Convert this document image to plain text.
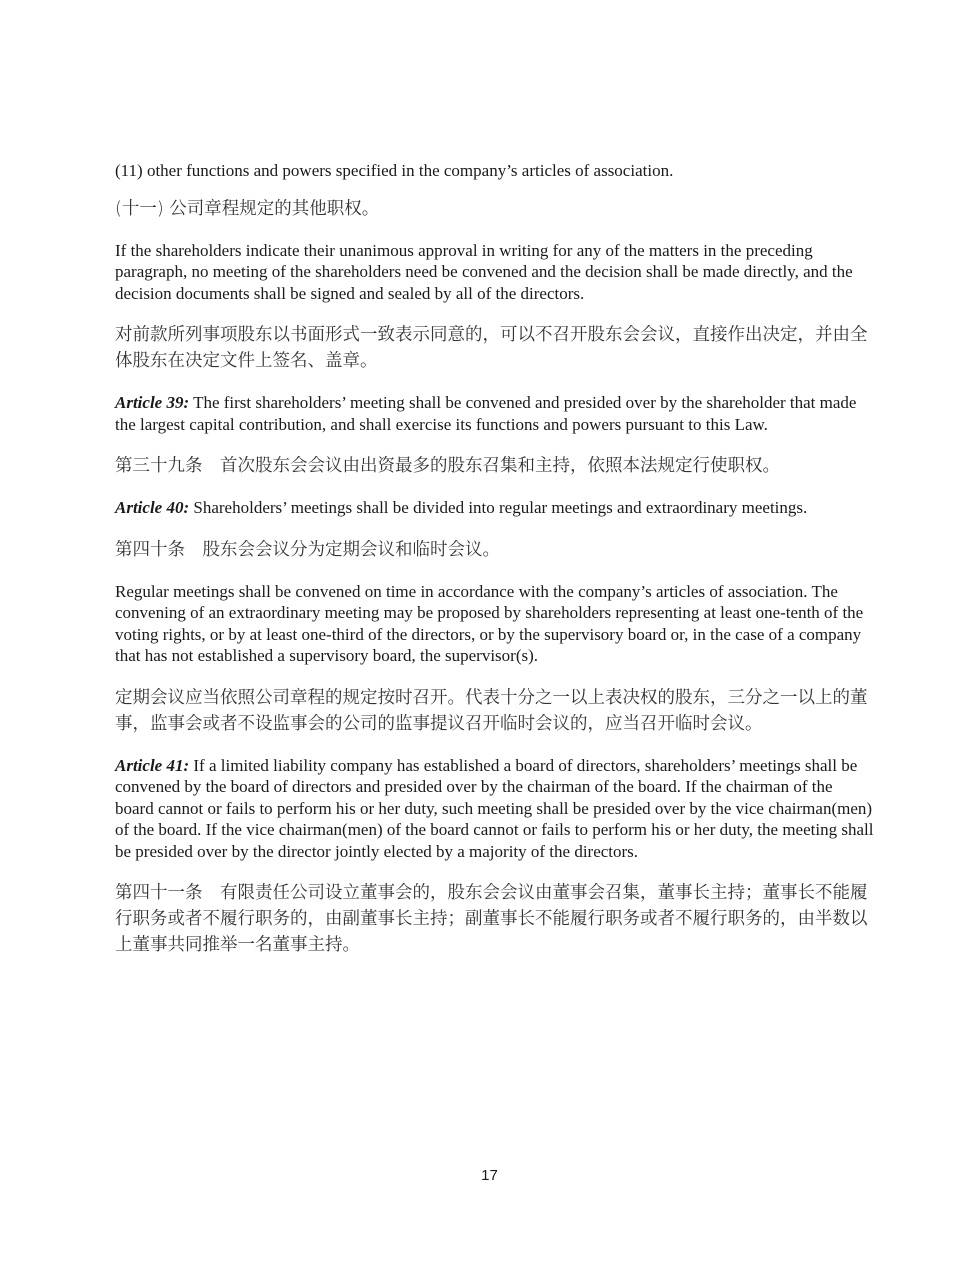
(11) other functions and powers specified in the company’s articles of association.

(十一) 公司章程规定的其他职权。

If the shareholders indicate their unanimous approval in writing for any of the matters in the preceding paragraph, no meeting of the shareholders need be convened and the decision shall be made directly, and the decision documents shall be signed and sealed by all of the directors.

对前款所列事项股东以书面形式一致表示同意的，可以不召开股东会会议，直接作出决定，并由全体股东在决定文件上签名、盖章。

Article 39: The first shareholders’ meeting shall be convened and presided over by the shareholder that made the largest capital contribution, and shall exercise its functions and powers pursuant to this Law.

第三十九条　首次股东会会议由出资最多的股东召集和主持，依照本法规定行使职权。

Article 40: Shareholders’ meetings shall be divided into regular meetings and extraordinary meetings.

第四十条　股东会会议分为定期会议和临时会议。

Regular meetings shall be convened on time in accordance with the company’s articles of association. The convening of an extraordinary meeting may be proposed by shareholders representing at least one-tenth of the voting rights, or by at least one-third of the directors, or by the supervisory board or, in the case of a company that has not established a supervisory board, the supervisor(s).

定期会议应当依照公司章程的规定按时召开。代表十分之一以上表决权的股东，三分之一以上的董事，监事会或者不设监事会的公司的监事提议召开临时会议的，应当召开临时会议。

Article 41: If a limited liability company has established a board of directors, shareholders’ meetings shall be convened by the board of directors and presided over by the chairman of the board. If the chairman of the board cannot or fails to perform his or her duty, such meeting shall be presided over by the vice chairman(men) of the board. If the vice chairman(men) of the board cannot or fails to perform his or her duty, the meeting shall be presided over by the director jointly elected by a majority of the directors.

第四十一条　有限责任公司设立董事会的，股东会会议由董事会召集，董事长主持；董事长不能履行职务或者不履行职务的，由副董事长主持；副董事长不能履行职务或者不履行职务的，由半数以上董事共同推举一名董事主持。

17
